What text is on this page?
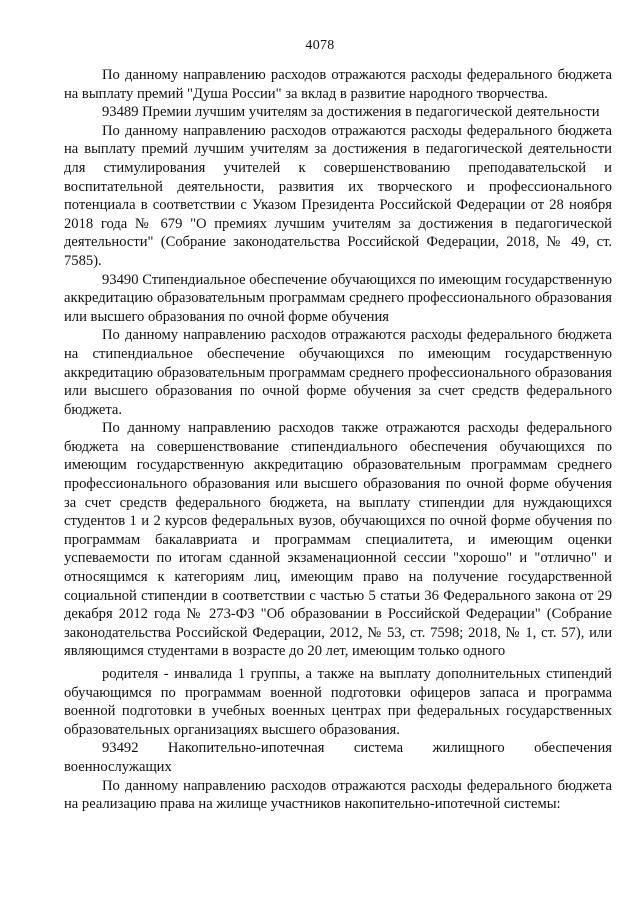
4078

По данному направлению расходов отражаются расходы федерального бюджета на выплату премий "Душа России" за вклад в развитие народного творчества.

93489 Премии лучшим учителям за достижения в педагогической деятельности

По данному направлению расходов отражаются расходы федерального бюджета на выплату премий лучшим учителям за достижения в педагогической деятельности для стимулирования учителей к совершенствованию преподавательской и воспитательной деятельности, развития их творческого и профессионального потенциала в соответствии с Указом Президента Российской Федерации от 28 ноября 2018 года № 679 "О премиях лучшим учителям за достижения в педагогической деятельности" (Собрание законодательства Российской Федерации, 2018, № 49, ст. 7585).

93490 Стипендиальное обеспечение обучающихся по имеющим государственную аккредитацию образовательным программам среднего профессионального образования или высшего образования по очной форме обучения

По данному направлению расходов отражаются расходы федерального бюджета на стипендиальное обеспечение обучающихся по имеющим государственную аккредитацию образовательным программам среднего профессионального образования или высшего образования по очной форме обучения за счет средств федерального бюджета.

По данному направлению расходов также отражаются расходы федерального бюджета на совершенствование стипендиального обеспечения обучающихся по имеющим государственную аккредитацию образовательным программам среднего профессионального образования или высшего образования по очной форме обучения за счет средств федерального бюджета, на выплату стипендии для нуждающихся студентов 1 и 2 курсов федеральных вузов, обучающихся по очной форме обучения по программам бакалавриата и программам специалитета, и имеющим оценки успеваемости по итогам сданной экзаменационной сессии "хорошо" и "отлично" и относящимся к категориям лиц, имеющим право на получение государственной социальной стипендии в соответствии с частью 5 статьи 36 Федерального закона от 29 декабря 2012 года № 273-ФЗ "Об образовании в Российской Федерации" (Собрание законодательства Российской Федерации, 2012, № 53, ст. 7598; 2018, № 1, ст. 57), или являющимся студентами в возрасте до 20 лет, имеющим только одного

родителя - инвалида 1 группы, а также на выплату дополнительных стипендий обучающимся по программам военной подготовки офицеров запаса и программа военной подготовки в учебных военных центрах при федеральных государственных образовательных организациях высшего образования.

93492 Накопительно-ипотечная система жилищного обеспечения военнослужащих

По данному направлению расходов отражаются расходы федерального бюджета на реализацию права на жилище участников накопительно-ипотечной системы:
